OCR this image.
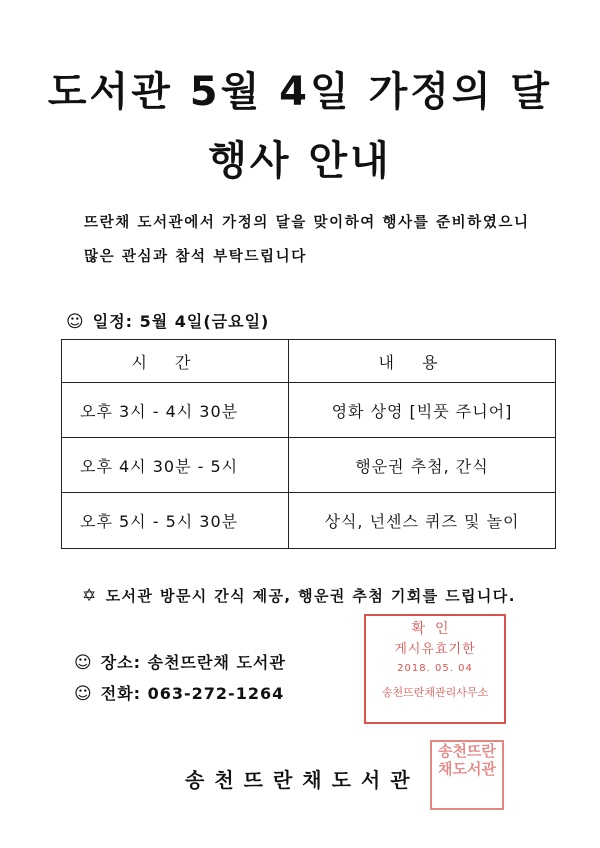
도서관 5월 4일 가정의 달
행사 안내
뜨란채 도서관에서 가정의 달을 맞이하여 행사를 준비하였으니
많은 관심과 참석 부탁드립니다
☺ 일정: 5월 4일(금요일)
시간	내용
오후 3시 - 4시 30분	영화 상영 [빅풋 주니어]
오후 4시 30분 - 5시	행운권 추첨, 간식
오후 5시 - 5시 30분	상식, 넌센스 퀴즈 및 놀이
✡ 도서관 방문시 간식 제공, 행운권 추첨 기회를 드립니다.
☺ 장소: 송천뜨란채 도서관
☺ 전화: 063-272-1264
확인
게시유효기한
2018. 05. 04
송천뜨란채관리사무소
송천뜨란채도서관
송천뜨란채도서관
